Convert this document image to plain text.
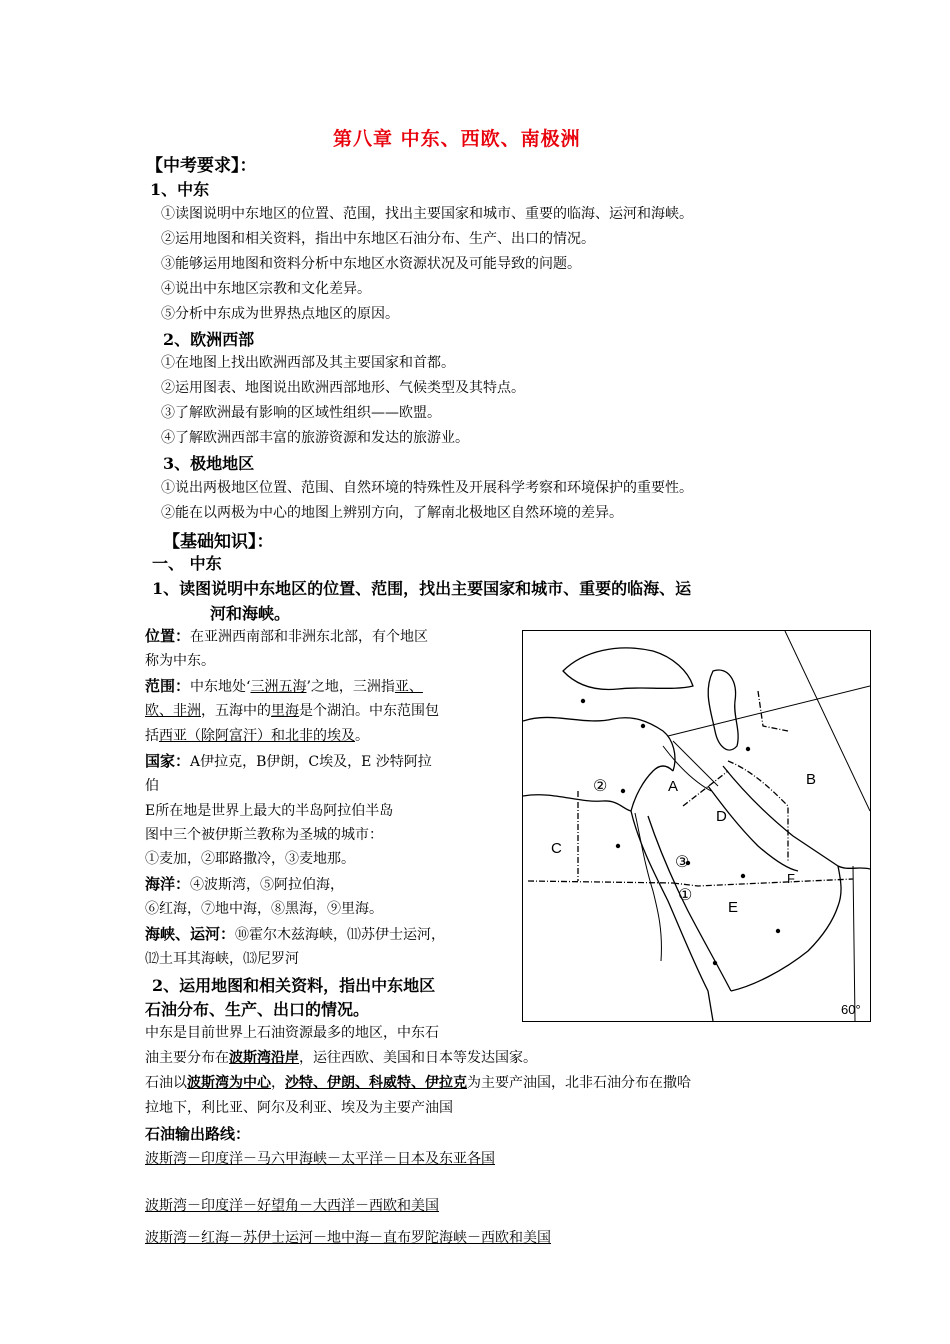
第八章 中东、西欧、南极洲
【中考要求】：
1、中东
①读图说明中东地区的位置、范围，找出主要国家和城市、重要的临海、运河和海峡。
②运用地图和相关资料，指出中东地区石油分布、生产、出口的情况。
③能够运用地图和资料分析中东地区水资源状况及可能导致的问题。
④说出中东地区宗教和文化差异。
⑤分析中东成为世界热点地区的原因。
2、欧洲西部
①在地图上找出欧洲西部及其主要国家和首都。
②运用图表、地图说出欧洲西部地形、气候类型及其特点。
③了解欧洲最有影响的区域性组织——欧盟。
④了解欧洲西部丰富的旅游资源和发达的旅游业。
3、极地地区
①说出两极地区位置、范围、自然环境的特殊性及开展科学考察和环境保护的重要性。
②能在以两极为中心的地图上辨别方向，了解南北极地区自然环境的差异。
【基础知识】：
一、 中东
1、读图说明中东地区的位置、范围，找出主要国家和城市、重要的临海、运
河和海峡。
位置：在亚洲西南部和非洲东北部，有个地区
称为中东。
范围：中东地处‘三洲五海’之地，三洲指亚、
欧、非洲，五海中的里海是个湖泊。中东范围包
括西亚（除阿富汗）和北非的埃及。
国家：A伊拉克，B伊朗，C埃及，E 沙特阿拉
伯
E所在地是世界上最大的半岛阿拉伯半岛
图中三个被伊斯兰教称为圣城的城市：
①麦加，②耶路撒冷，③麦地那。
海洋：④波斯湾，⑤阿拉伯海，
⑥红海，⑦地中海，⑧黑海，⑨里海。
海峡、运河：⑩霍尔木兹海峡，⑾苏伊士运河，
⑿土耳其海峡，⒀尼罗河
2、运用地图和相关资料，指出中东地区
石油分布、生产、出口的情况。
中东是目前世界上石油资源最多的地区，中东石
油主要分布在波斯湾沿岸，运往西欧、美国和日本等发达国家。
石油以波斯湾为中心，沙特、伊朗、科威特、伊拉克为主要产油国，北非石油分布在撒哈
拉地下，利比亚、阿尔及利亚、埃及为主要产油国
石油输出路线：
波斯湾－印度洋－马六甲海峡－太平洋－日本及东亚各国
波斯湾－印度洋－好望角－大西洋－西欧和美国
波斯湾－红海－苏伊士运河－地中海－直布罗陀海峡－西欧和美国
A	B
C
D
E
F
①
②
③
60°
